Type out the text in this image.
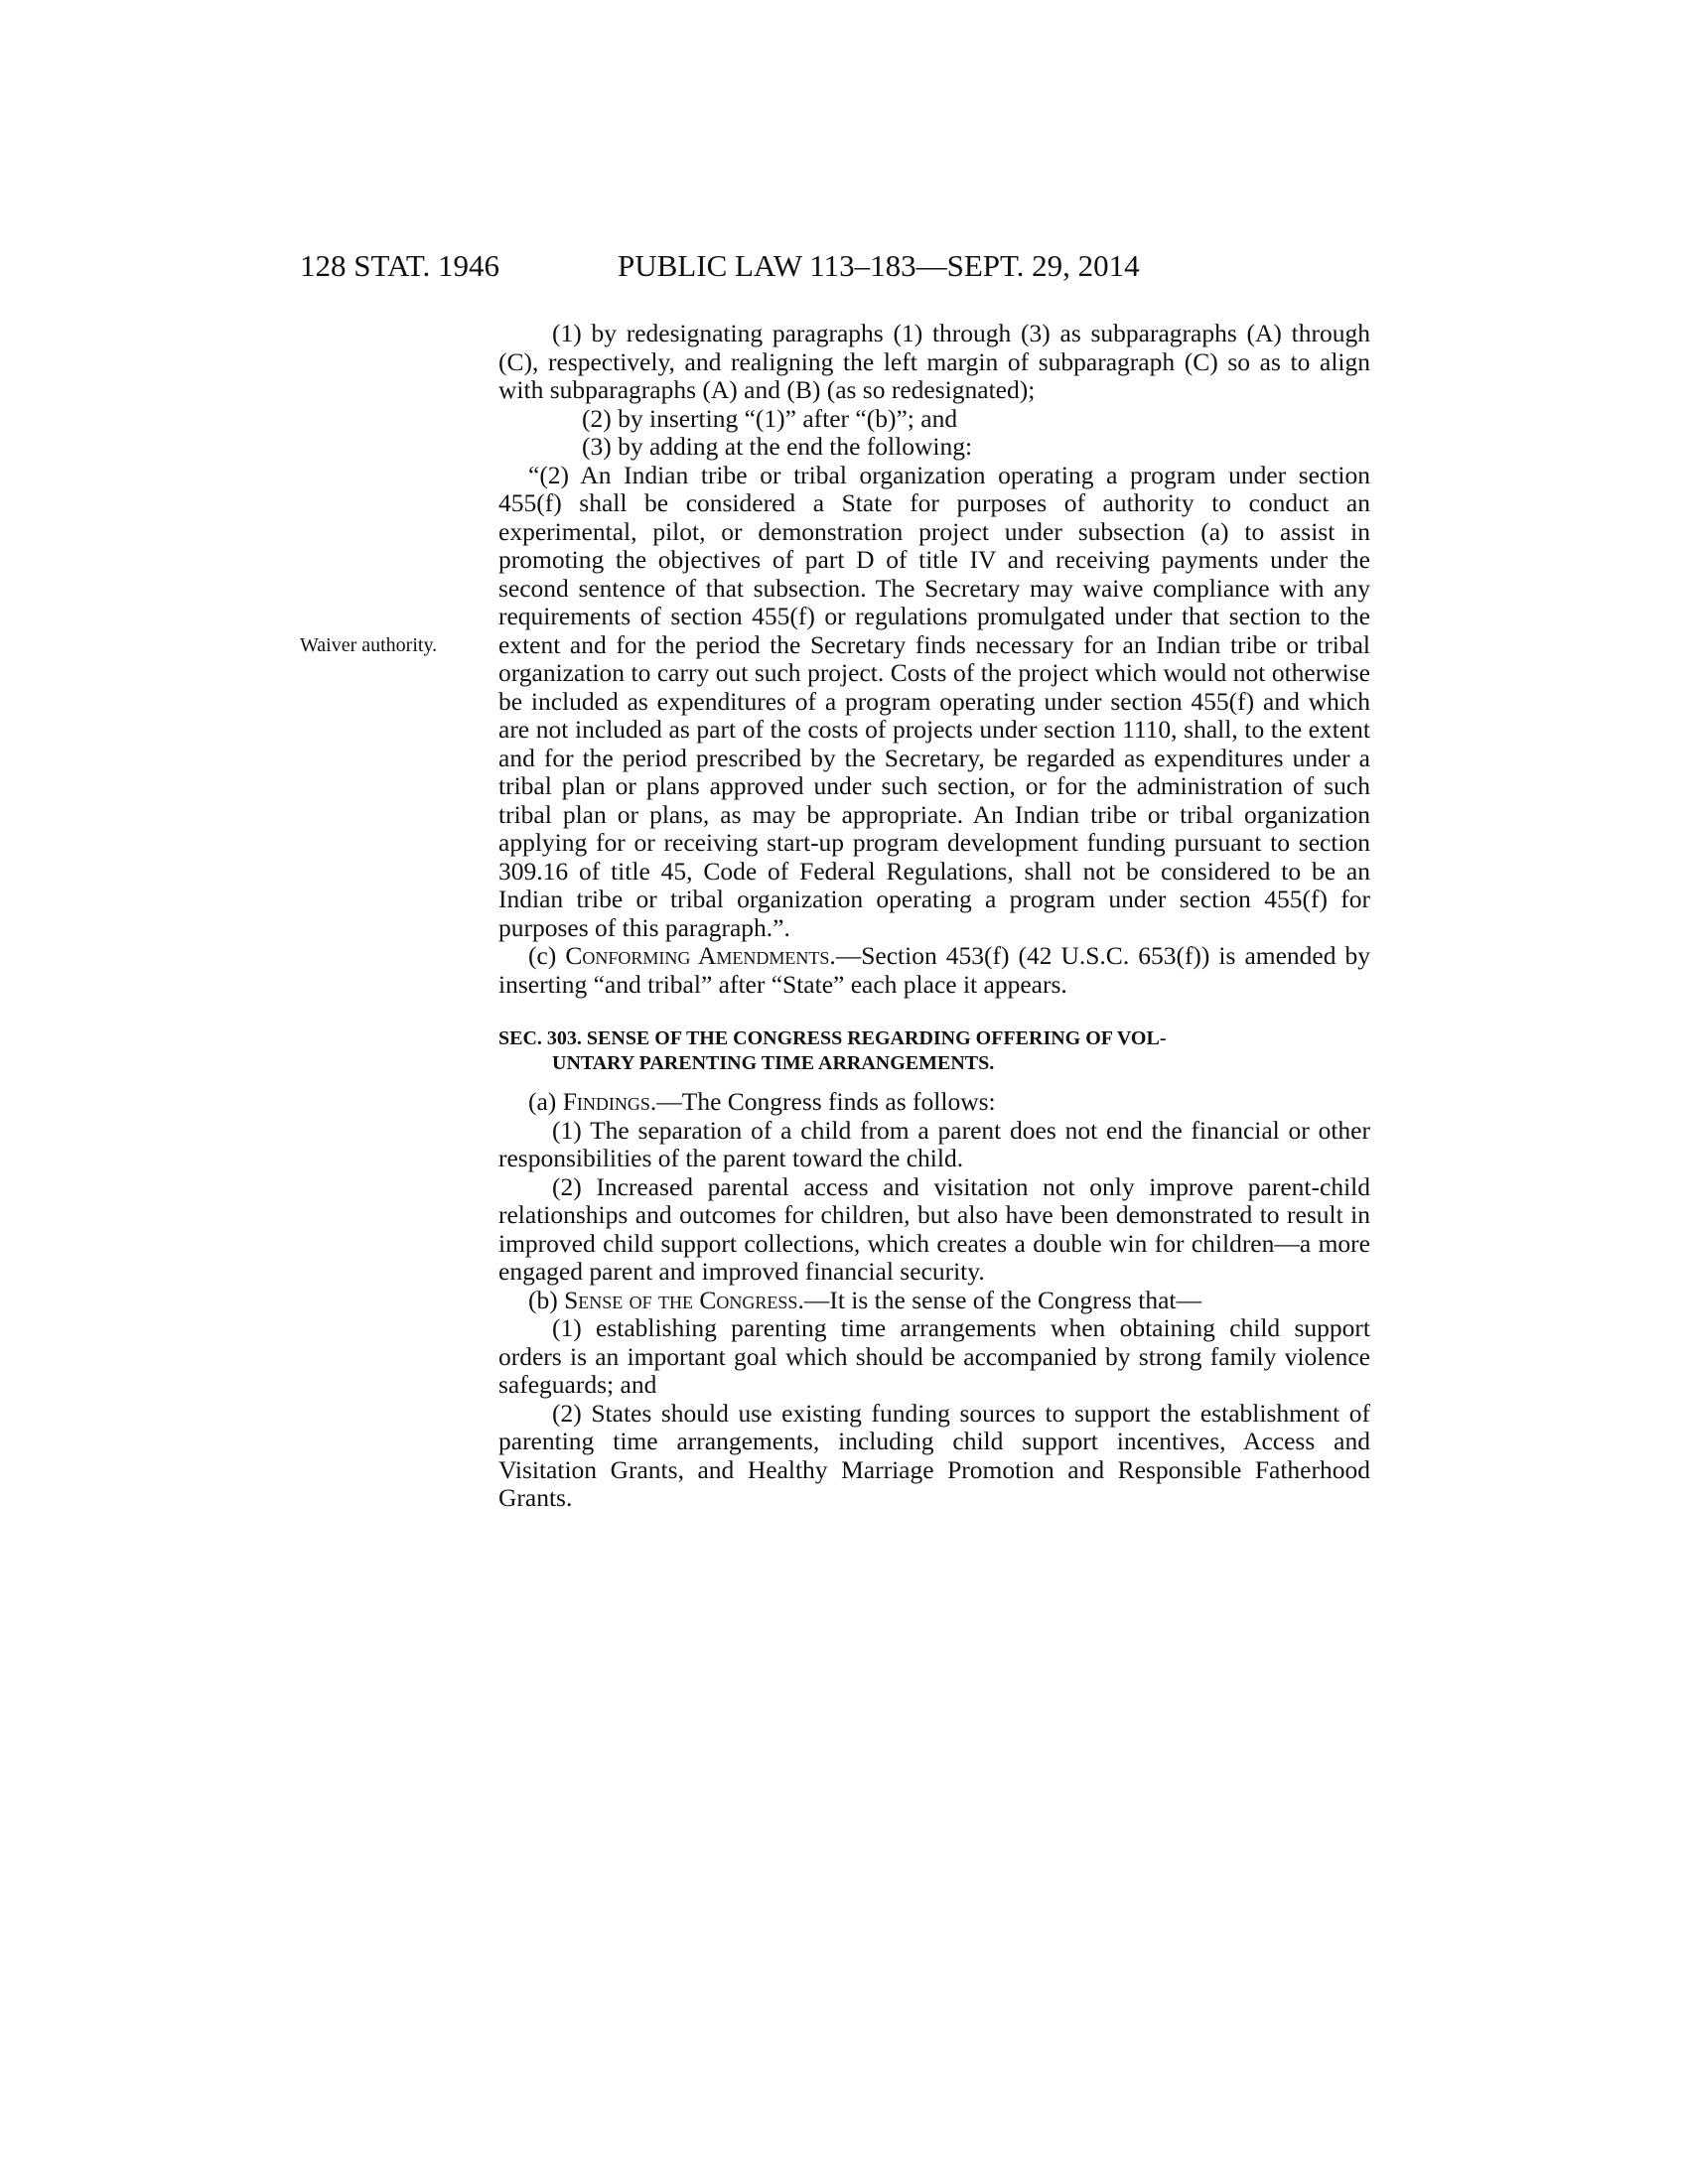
128 STAT. 1946	PUBLIC LAW 113–183—SEPT. 29, 2014
Waiver authority.

(1) by redesignating paragraphs (1) through (3) as subparagraphs (A) through (C), respectively, and realigning the left margin of subparagraph (C) so as to align with subparagraphs (A) and (B) (as so redesignated);

(2) by inserting “(1)” after “(b)”; and

(3) by adding at the end the following:

“(2) An Indian tribe or tribal organization operating a program under section 455(f) shall be considered a State for purposes of authority to conduct an experimental, pilot, or demonstration project under subsection (a) to assist in promoting the objectives of part D of title IV and receiving payments under the second sentence of that subsection. The Secretary may waive compliance with any requirements of section 455(f) or regulations promulgated under that section to the extent and for the period the Secretary finds necessary for an Indian tribe or tribal organization to carry out such project. Costs of the project which would not otherwise be included as expenditures of a program operating under section 455(f) and which are not included as part of the costs of projects under section 1110, shall, to the extent and for the period prescribed by the Secretary, be regarded as expenditures under a tribal plan or plans approved under such section, or for the administration of such tribal plan or plans, as may be appropriate. An Indian tribe or tribal organization applying for or receiving start-up program development funding pursuant to section 309.16 of title 45, Code of Federal Regulations, shall not be considered to be an Indian tribe or tribal organization operating a program under section 455(f) for purposes of this paragraph.”.

(c) Conforming Amendments.—Section 453(f) (42 U.S.C. 653(f)) is amended by inserting “and tribal” after “State” each place it appears.

SEC. 303. SENSE OF THE CONGRESS REGARDING OFFERING OF VOL-
UNTARY PARENTING TIME ARRANGEMENTS.

(a) Findings.—The Congress finds as follows:

(1) The separation of a child from a parent does not end the financial or other responsibilities of the parent toward the child.

(2) Increased parental access and visitation not only improve parent-child relationships and outcomes for children, but also have been demonstrated to result in improved child support collections, which creates a double win for children—a more engaged parent and improved financial security.

(b) Sense of the Congress.—It is the sense of the Congress that—

(1) establishing parenting time arrangements when obtaining child support orders is an important goal which should be accompanied by strong family violence safeguards; and

(2) States should use existing funding sources to support the establishment of parenting time arrangements, including child support incentives, Access and Visitation Grants, and Healthy Marriage Promotion and Responsible Fatherhood Grants.
